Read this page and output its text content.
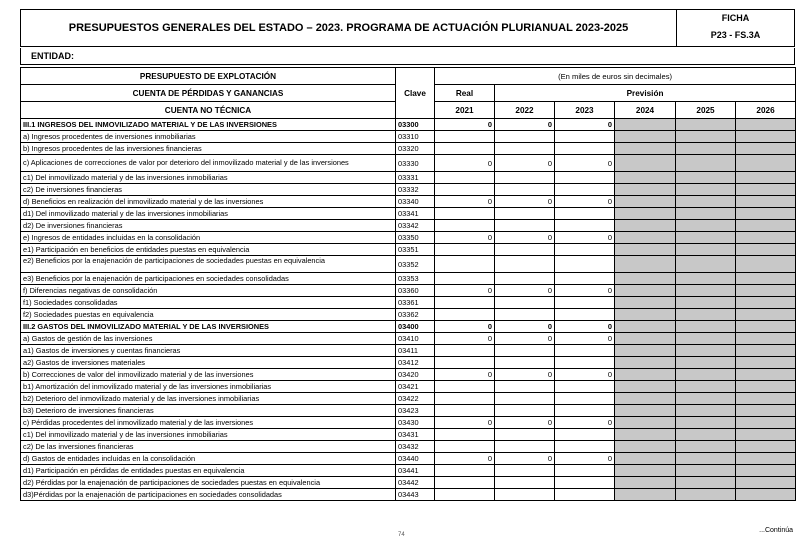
PRESUPUESTOS GENERALES DEL ESTADO – 2023. PROGRAMA DE ACTUACIÓN PLURIANUAL 2023-2025
FICHA
P23 - FS.3A
ENTIDAD:
PRESUPUESTO DE EXPLOTACIÓN	Clave	(En miles de euros sin decimales)					
CUENTA DE PÉRDIDAS Y GANANCIAS		Real	Previsión				
CUENTA NO TÉCNICA		2021	2022	2023	2024	2025	2026
III.1 INGRESOS DEL INMOVILIZADO MATERIAL Y DE LAS INVERSIONES	03300	0	0	0			
a) Ingresos procedentes de inversiones inmobiliarias	03310						
b) Ingresos procedentes de las inversiones financieras	03320						
c) Aplicaciones de correcciones de valor por deterioro del inmovilizado material y de las inversiones	03330	0	0	0			
c1) Del inmovilizado material y de las inversiones inmobiliarias	03331						
c2) De inversiones financieras	03332						
d) Beneficios en realización del inmovilizado material y de las inversiones	03340	0	0	0			
d1) Del inmovilizado material y de las inversiones inmobiliarias	03341						
d2) De inversiones financieras	03342						
e) Ingresos de entidades incluidas en la consolidación	03350	0	0	0			
e1) Participación en beneficios de entidades puestas en equivalencia	03351						
e2) Beneficios por la enajenación de participaciones de sociedades puestas en equivalencia	03352						
e3) Beneficios por la enajenación de participaciones en sociedades consolidadas	03353						
f) Diferencias negativas de consolidación	03360	0	0	0			
f1) Sociedades consolidadas	03361						
f2) Sociedades puestas en equivalencia	03362						
III.2 GASTOS DEL INMOVILIZADO MATERIAL Y DE LAS INVERSIONES	03400	0	0	0			
a) Gastos de gestión de las inversiones	03410	0	0	0			
a1) Gastos de inversiones y cuentas financieras	03411						
a2) Gastos de inversiones materiales	03412						
b) Correcciones de valor del inmovilizado material y de las inversiones	03420	0	0	0			
b1) Amortización del inmovilizado material y de las inversiones inmobiliarias	03421						
b2) Deterioro del inmovilizado material y de las inversiones inmobiliarias	03422						
b3) Deterioro de inversiones financieras	03423						
c) Pérdidas procedentes del inmovilizado material y de las inversiones	03430	0	0	0			
c1) Del inmovilizado material y de las inversiones inmobiliarias	03431						
c2) De las inversiones financieras	03432						
d) Gastos de entidades incluidas en la consolidación	03440	0	0	0			
d1) Participación en pérdidas de entidades puestas en equivalencia	03441						
d2) Pérdidas por la enajenación de participaciones de sociedades puestas en equivalencia	03442						
d3)Pérdidas por la enajenación de participaciones en sociedades consolidadas	03443						
...Continúa
74
